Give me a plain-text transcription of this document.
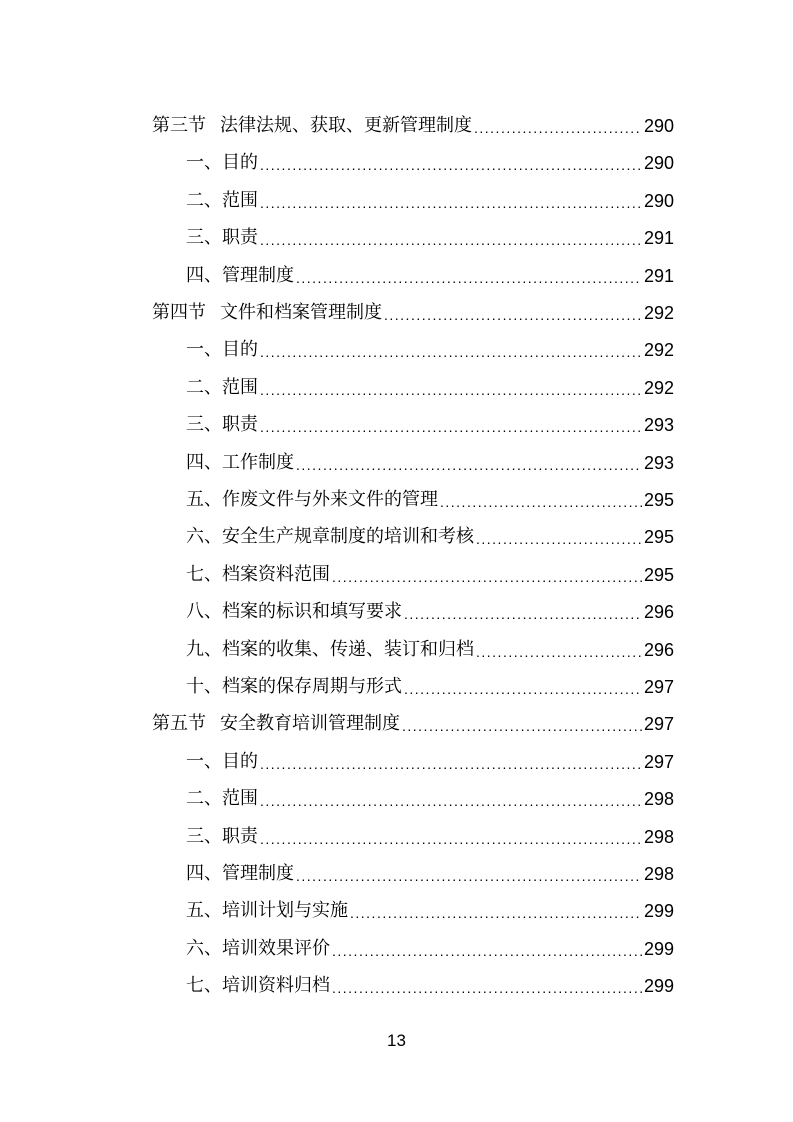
第三节 法律法规、获取、更新管理制度 .....	290
一、 目的 .....	290
二、 范围 .....	290
三、 职责 .....	291
四、 管理制度 .....	291
第四节 文件和档案管理制度 .....	292
一、 目的 .....	292
二、 范围 .....	292
三、 职责 .....	293
四、 工作制度 .....	293
五、 作废文件与外来文件的管理 .....	295
六、 安全生产规章制度的培训和考核 .....	295
七、 档案资料范围 .....	295
八、 档案的标识和填写要求 .....	296
九、 档案的收集、传递、装订和归档 .....	296
十、 档案的保存周期与形式 .....	297
第五节 安全教育培训管理制度 .....	297
一、 目的 .....	297
二、 范围 .....	298
三、 职责 .....	298
四、 管理制度 .....	298
五、 培训计划与实施 .....	299
六、 培训效果评价 .....	299
七、 培训资料归档 .....	299
13
